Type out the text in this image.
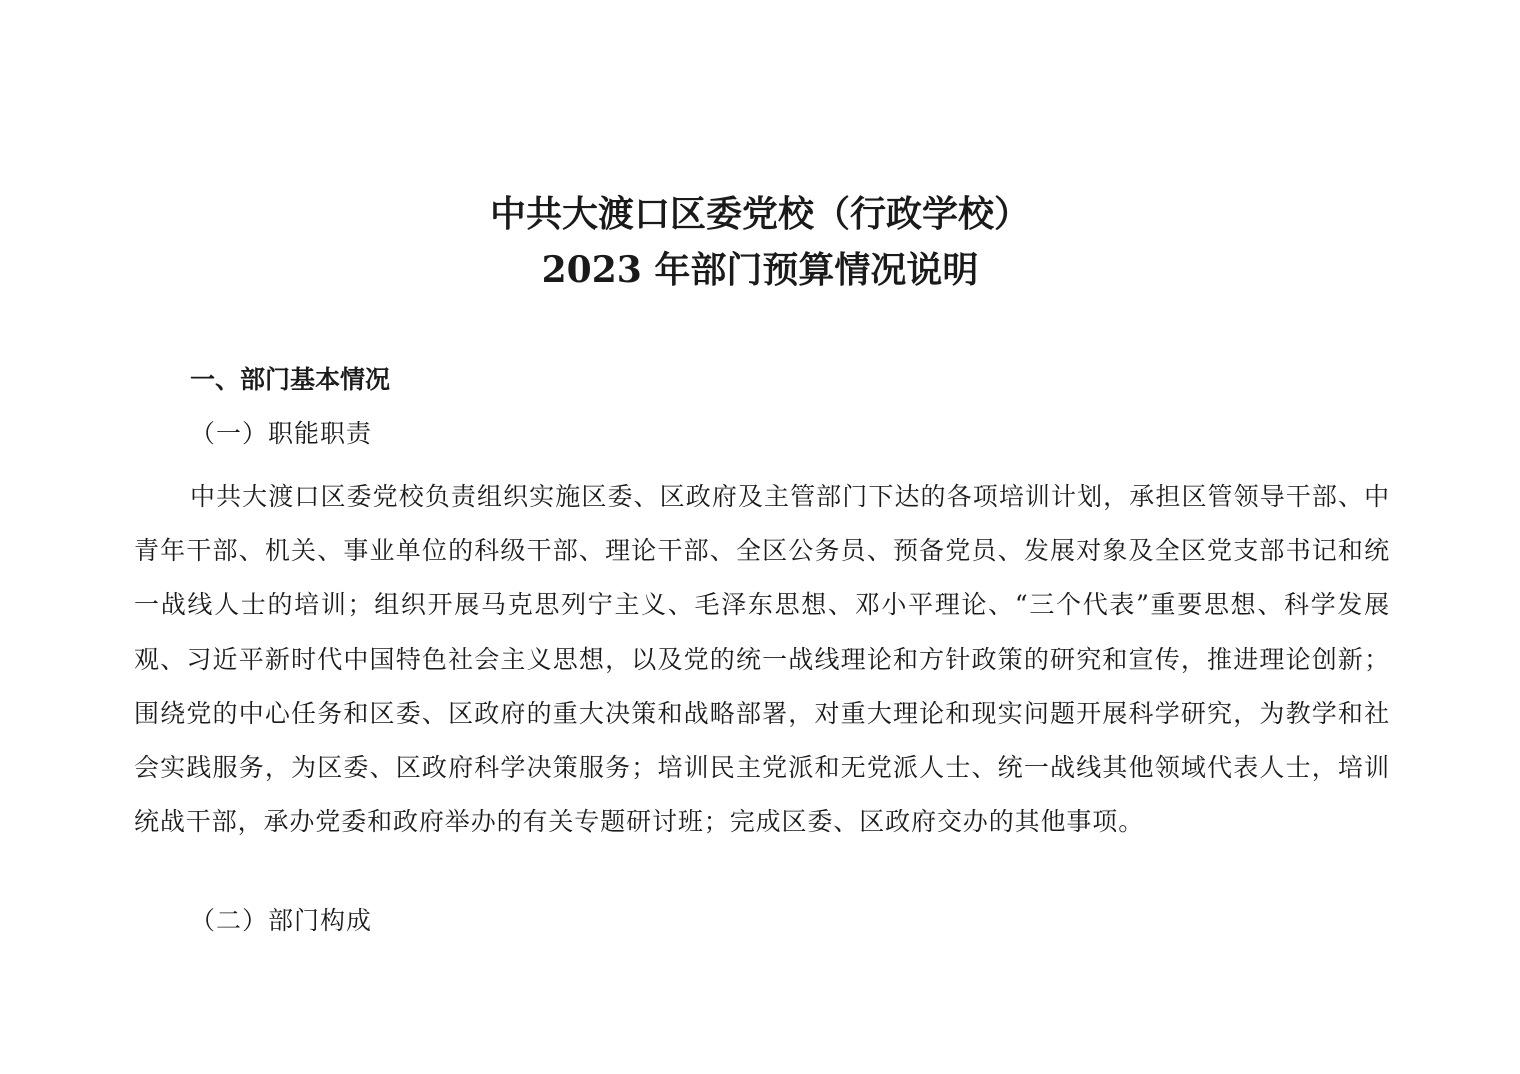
中共大渡口区委党校（行政学校）
2023 年部门预算情况说明
一、部门基本情况
（一）职能职责

中共大渡口区委党校负责组织实施区委、区政府及主管部门下达的各项培训计划，承担区管领导干部、中青年干部、机关、事业单位的科级干部、理论干部、全区公务员、预备党员、发展对象及全区党支部书记和统一战线人士的培训；组织开展马克思列宁主义、毛泽东思想、邓小平理论、“三个代表”重要思想、科学发展观、习近平新时代中国特色社会主义思想，以及党的统一战线理论和方针政策的研究和宣传，推进理论创新；围绕党的中心任务和区委、区政府的重大决策和战略部署，对重大理论和现实问题开展科学研究，为教学和社会实践服务，为区委、区政府科学决策服务；培训民主党派和无党派人士、统一战线其他领域代表人士，培训统战干部，承办党委和政府举办的有关专题研讨班；完成区委、区政府交办的其他事项。

（二）部门构成
